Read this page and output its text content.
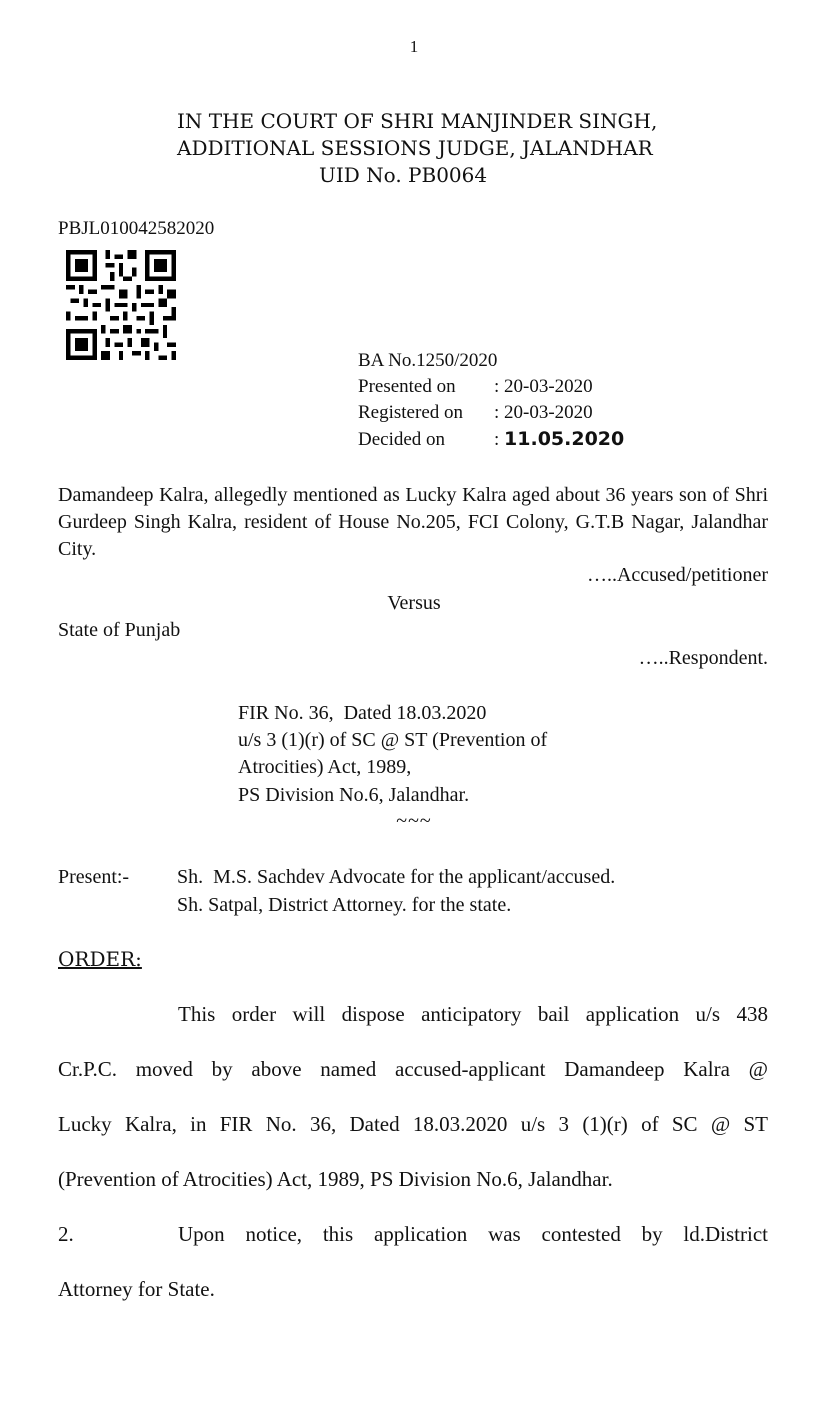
1
IN THE COURT OF SHRI MANJINDER SINGH,
ADDITIONAL SESSIONS JUDGE, JALANDHAR
UID No. PB0064
PBJL010042582020
BA No.1250/2020
Presented on : 20-03-2020
Registered on : 20-03-2020
Decided on	: 11.05.2020
Damandeep Kalra, allegedly mentioned as Lucky Kalra aged about 36 years son of Shri Gurdeep Singh Kalra, resident of House No.205, FCI Colony, G.T.B Nagar, Jalandhar City.
…..Accused/petitioner
Versus
State of Punjab
…..Respondent.
FIR No. 36,  Dated 18.03.2020
u/s 3 (1)(r) of SC @ ST (Prevention of
Atrocities) Act, 1989,
PS Division No.6, Jalandhar.
~~~
Present:- Sh.  M.S. Sachdev Advocate for the applicant/accused.
Sh. Satpal, District Attorney. for the state.
ORDER:
This order will dispose anticipatory bail application u/s 438
Cr.P.C. moved by above named accused-applicant Damandeep Kalra @
Lucky Kalra, in FIR No. 36, Dated 18.03.2020 u/s 3 (1)(r) of SC @ ST
(Prevention of Atrocities) Act, 1989, PS Division No.6, Jalandhar.
2.	Upon notice, this application was contested by ld.District
Attorney for State.
